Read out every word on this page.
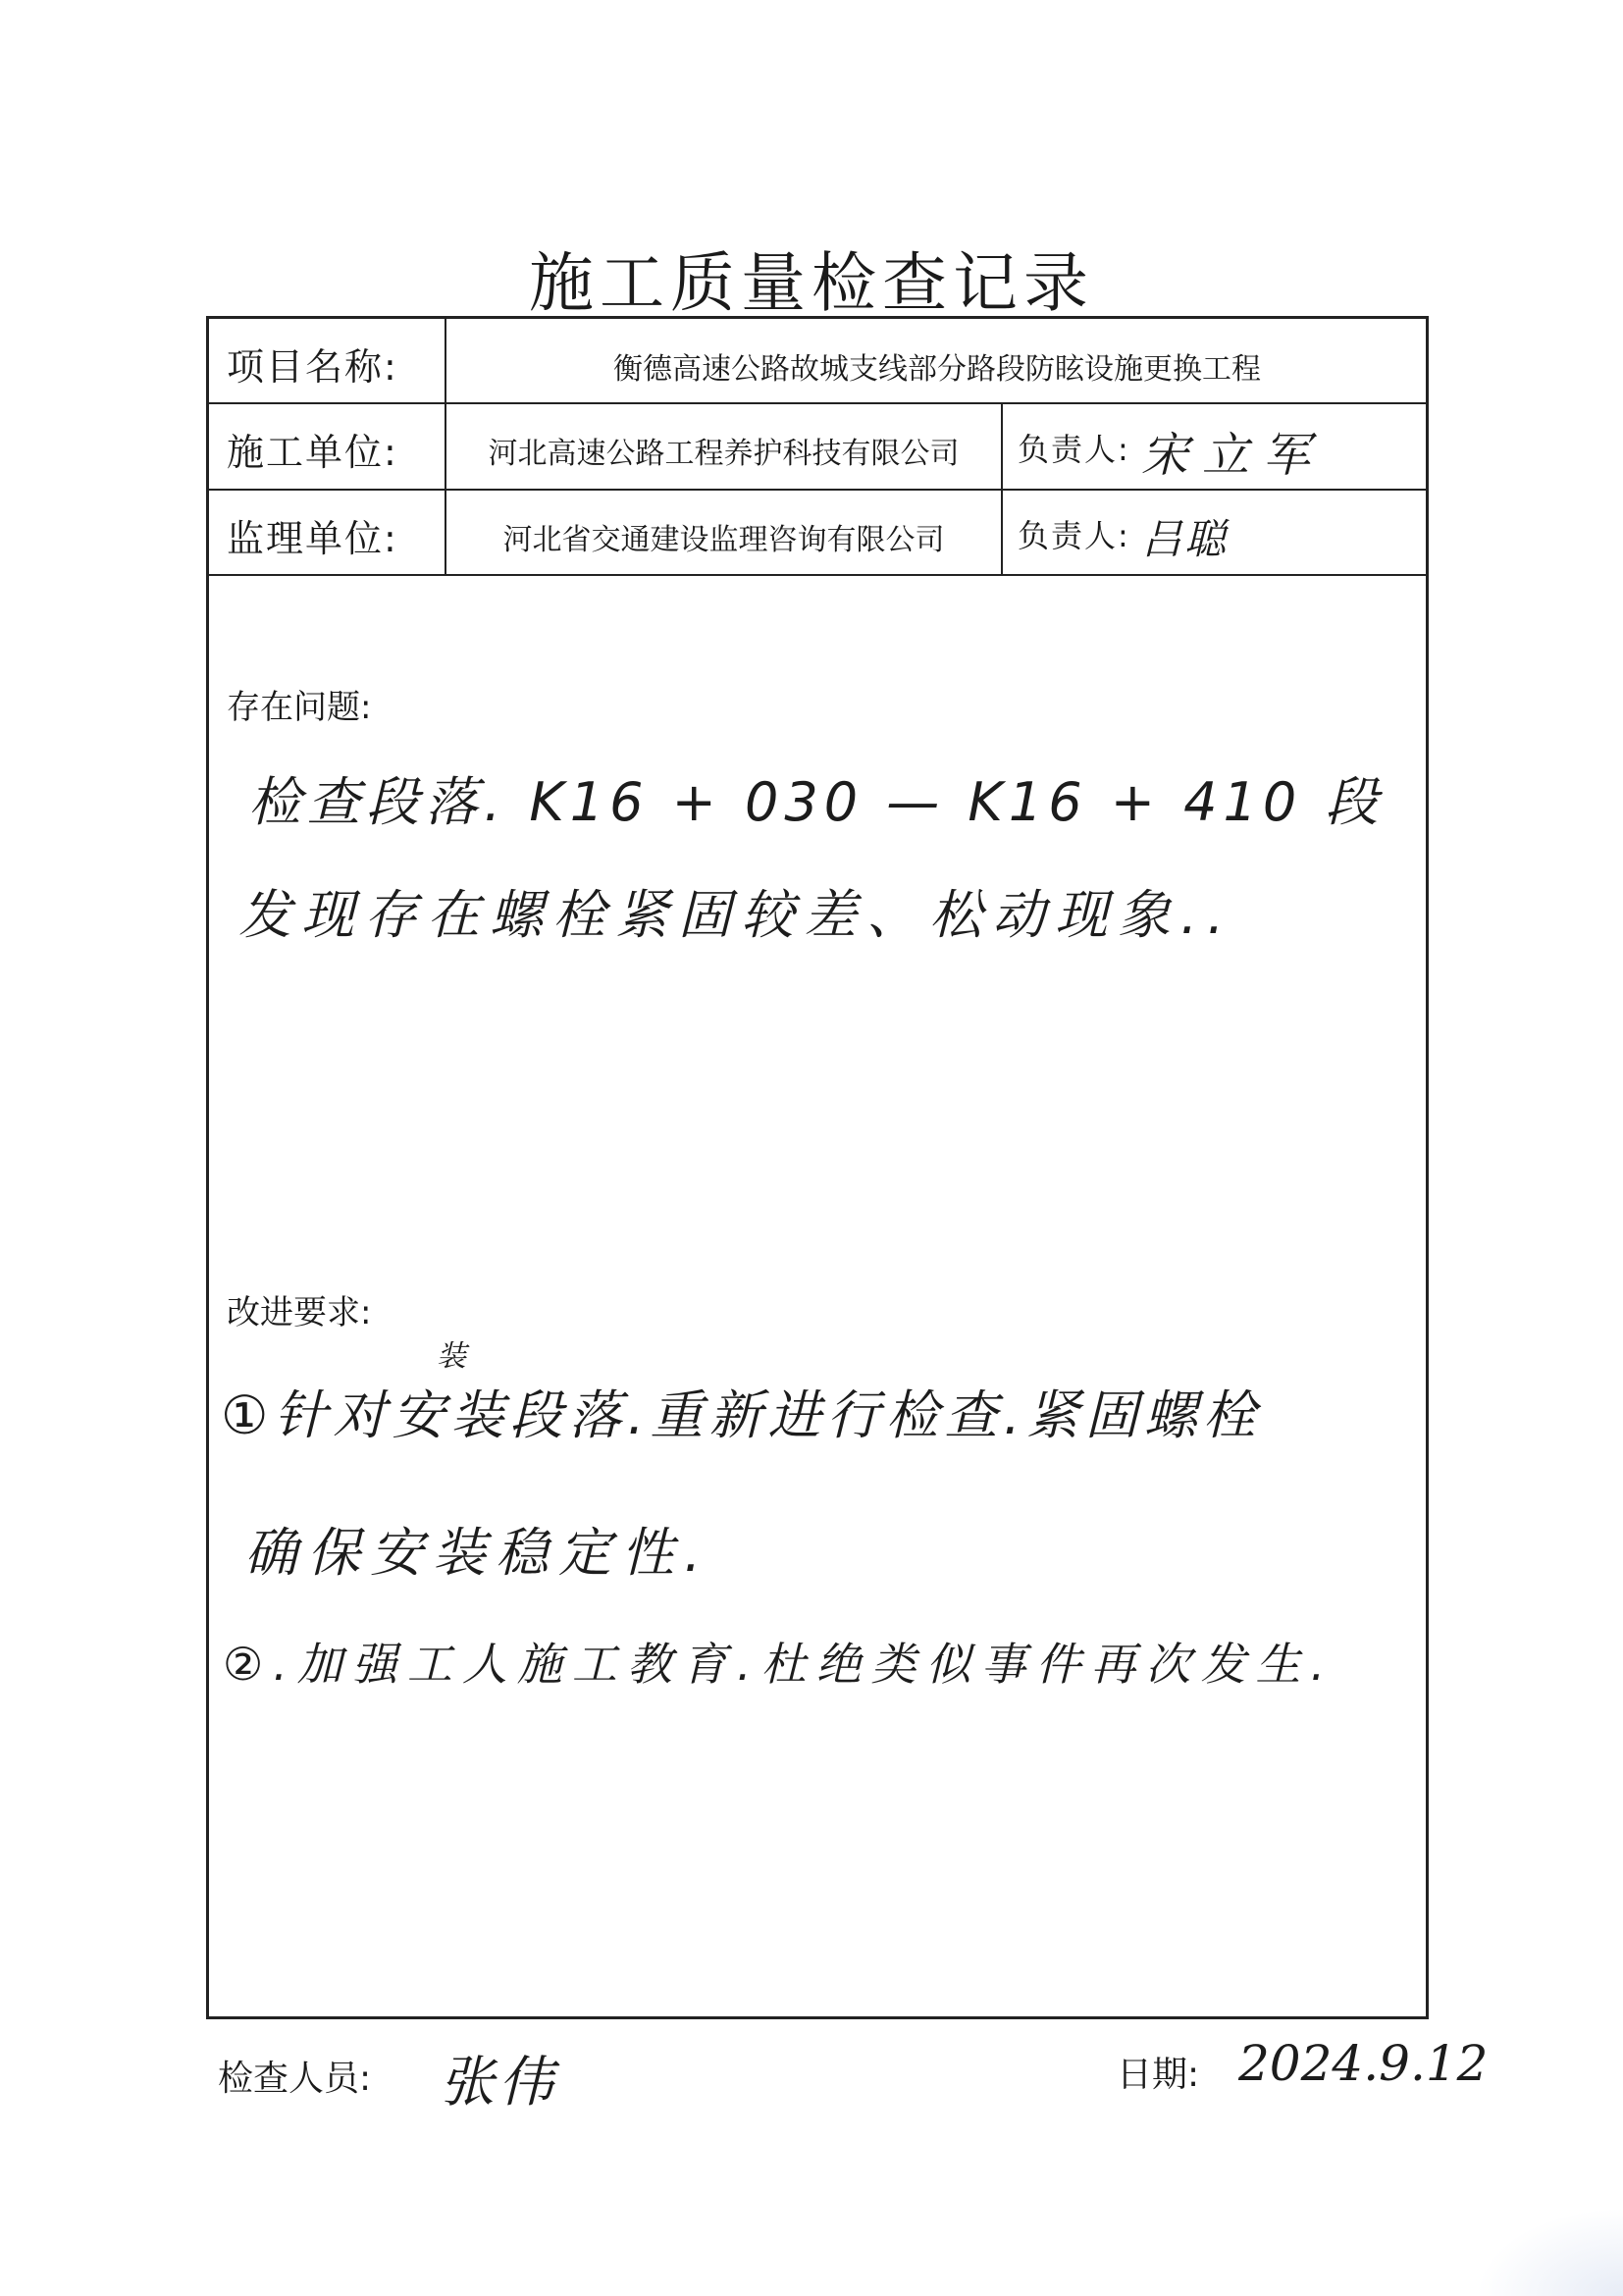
施工质量检查记录
项目名称:	衡德高速公路故城支线部分路段防眩设施更换工程
施工单位:	河北高速公路工程养护科技有限公司	负责人: 宋立军
监理单位:	河北省交通建设监理咨询有限公司	负责人: 吕聪
存在问题:
检查段落. K16 + 030 — K16 + 410 段
发现存在螺栓紧固较差、松动现象..
改进要求:
装
①针对安装段落.重新进行检查.紧固螺栓
确保安装稳定性.
②.加强工人施工教育.杜绝类似事件再次发生.
检查人员: 张伟	日期: 2024.9.12
